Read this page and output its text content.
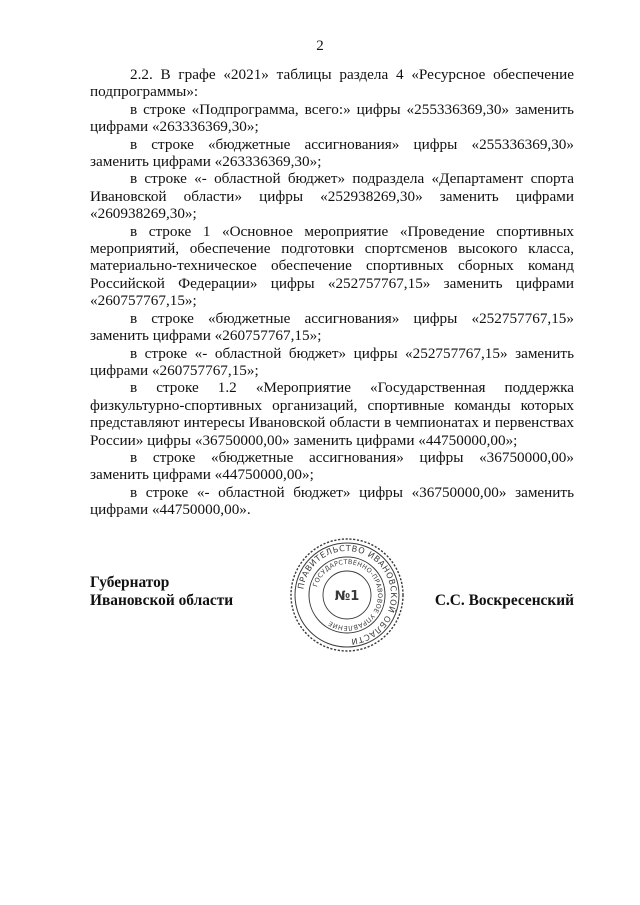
2

2.2. В графе «2021» таблицы раздела 4 «Ресурсное обеспечение подпрограммы»:

в строке «Подпрограмма, всего:» цифры «255336369,30» заменить цифрами «263336369,30»;

в строке «бюджетные ассигнования» цифры «255336369,30» заменить цифрами «263336369,30»;

в строке «- областной бюджет» подраздела «Департамент спорта Ивановской области» цифры «252938269,30» заменить цифрами «260938269,30»;

в строке 1 «Основное мероприятие «Проведение спортивных мероприятий, обеспечение подготовки спортсменов высокого класса, материально-техническое обеспечение спортивных сборных команд Российской Федерации» цифры «252757767,15» заменить цифрами «260757767,15»;

в строке «бюджетные ассигнования» цифры «252757767,15» заменить цифрами «260757767,15»;

в строке «- областной бюджет» цифры «252757767,15» заменить цифрами «260757767,15»;

в строке 1.2 «Мероприятие «Государственная поддержка физкультурно-спортивных организаций, спортивные команды которых представляют интересы Ивановской области в чемпионатах и первенствах России» цифры «36750000,00» заменить цифрами «44750000,00»;

в строке «бюджетные ассигнования» цифры «36750000,00» заменить цифрами «44750000,00»;

в строке «- областной бюджет» цифры «36750000,00» заменить цифрами «44750000,00».

Губернатор
Ивановской области	С.С. Воскресенский
ПРАВИТЕЛЬСТВО ИВАНОВСКОЙ ОБЛАСТИ
ГОСУДАРСТВЕННО-ПРАВОВОЕ УПРАВЛЕНИЕ
№1
